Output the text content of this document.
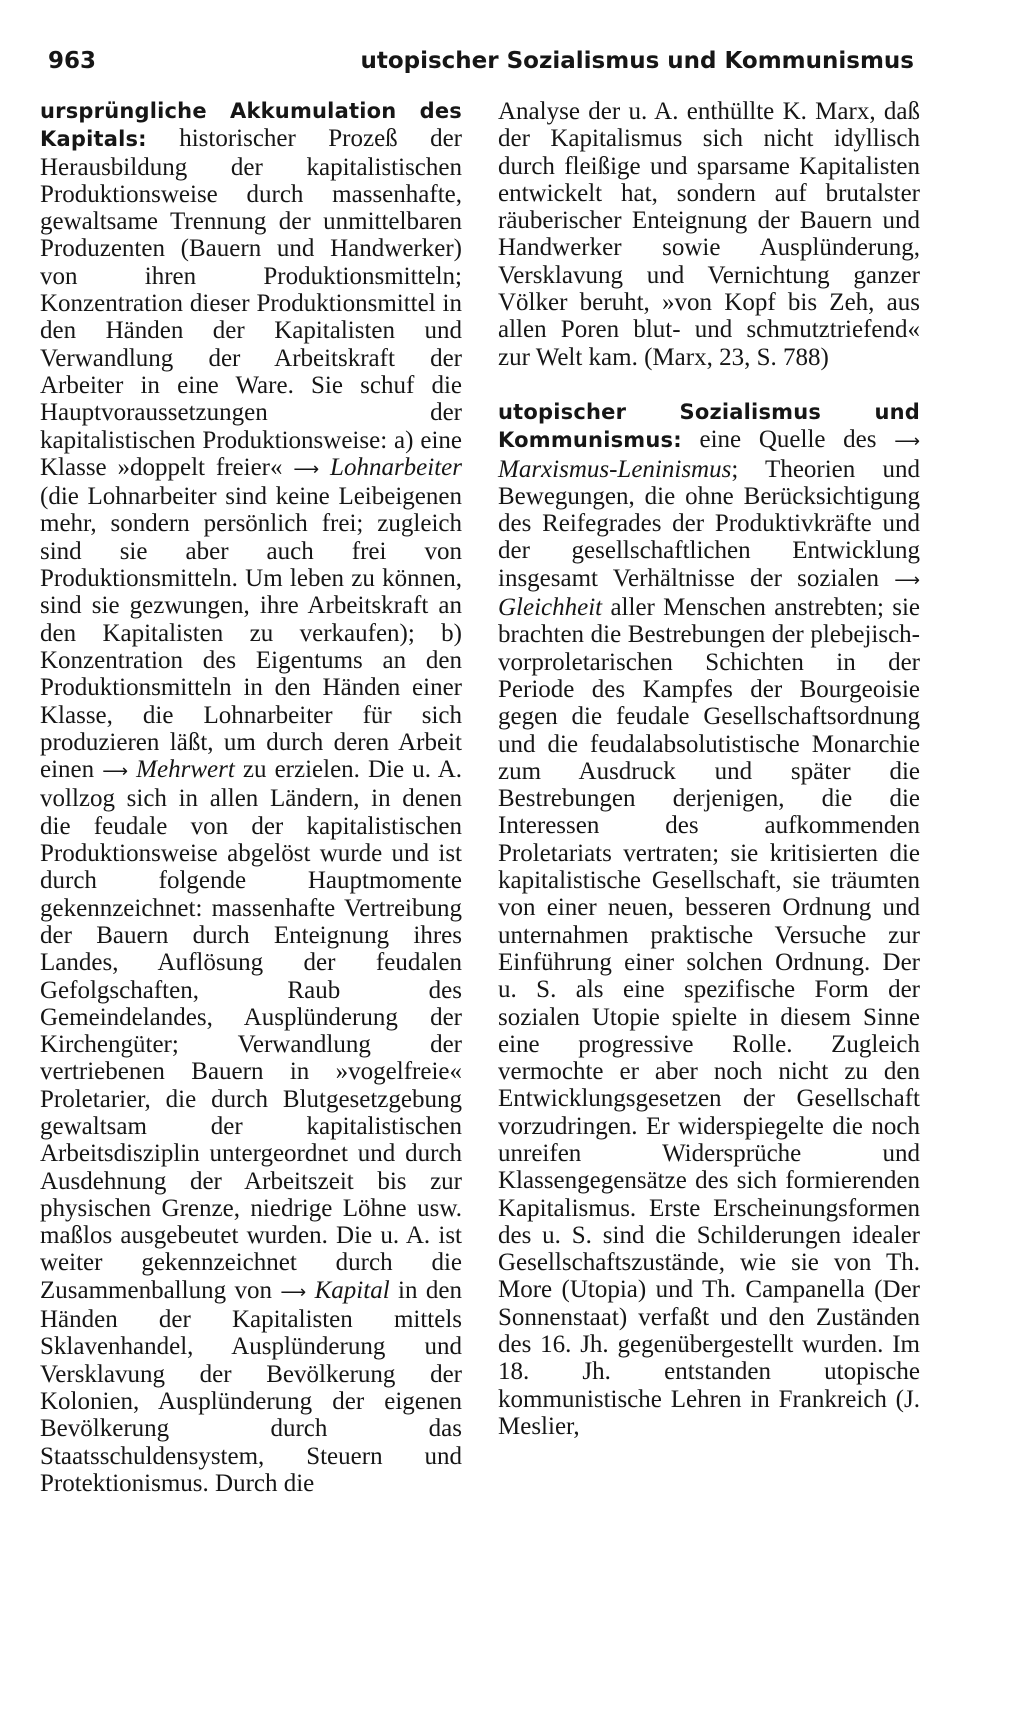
963	utopischer Sozialismus und Kommunismus

ursprüngliche Akkumulation des Kapitals: historischer Prozeß der Herausbildung der kapitalistischen Produktionsweise durch massenhafte, gewaltsame Trennung der unmittelbaren Produzenten (Bauern und Handwerker) von ihren Produktionsmitteln; Konzentration dieser Produktionsmittel in den Händen der Kapitalisten und Verwandlung der Arbeitskraft der Arbeiter in eine Ware. Sie schuf die Hauptvoraussetzungen der kapitalistischen Produktionsweise: a) eine Klasse »doppelt freier« ⟶ Lohnarbeiter (die Lohnarbeiter sind keine Leibeigenen mehr, sondern persönlich frei; zugleich sind sie aber auch frei von Produktionsmitteln. Um leben zu können, sind sie gezwungen, ihre Arbeitskraft an den Kapitalisten zu verkaufen); b) Konzentration des Eigentums an den Produktionsmitteln in den Händen einer Klasse, die Lohnarbeiter für sich produzieren läßt, um durch deren Arbeit einen ⟶ Mehrwert zu erzielen. Die u. A. vollzog sich in allen Ländern, in denen die feudale von der kapitalistischen Produktionsweise abgelöst wurde und ist durch folgende Hauptmomente gekennzeichnet: massenhafte Vertreibung der Bauern durch Enteignung ihres Landes, Auflösung der feudalen Gefolgschaften, Raub des Gemeindelandes, Ausplünderung der Kirchengüter; Verwandlung der vertriebenen Bauern in »vogelfreie« Proletarier, die durch Blutgesetzgebung gewaltsam der kapitalistischen Arbeitsdisziplin untergeordnet und durch Ausdehnung der Arbeitszeit bis zur physischen Grenze, niedrige Löhne usw. maßlos ausgebeutet wurden. Die u. A. ist weiter gekennzeichnet durch die Zusammenballung von ⟶ Kapital in den Händen der Kapitalisten mittels Sklavenhandel, Ausplünderung und Versklavung der Bevölkerung der Kolonien, Ausplünderung der eigenen Bevölkerung durch das Staatsschuldensystem, Steuern und Protektionismus. Durch die

Analyse der u. A. enthüllte K. Marx, daß der Kapitalismus sich nicht idyllisch durch fleißige und sparsame Kapitalisten entwickelt hat, sondern auf brutalster räuberischer Enteignung der Bauern und Handwerker sowie Ausplünderung, Versklavung und Vernichtung ganzer Völker beruht, »von Kopf bis Zeh, aus allen Poren blut- und schmutztriefend« zur Welt kam. (Marx, 23, S. 788)

utopischer Sozialismus und Kommunismus: eine Quelle des ⟶ Marxismus-Leninismus; Theorien und Bewegungen, die ohne Berücksichtigung des Reifegrades der Produktivkräfte und der gesellschaftlichen Entwicklung insgesamt Verhältnisse der sozialen ⟶ Gleichheit aller Menschen anstrebten; sie brachten die Bestrebungen der plebejisch-vorproletarischen Schichten in der Periode des Kampfes der Bourgeoisie gegen die feudale Gesellschaftsordnung und die feudalabsolutistische Monarchie zum Ausdruck und später die Bestrebungen derjenigen, die die Interessen des aufkommenden Proletariats vertraten; sie kritisierten die kapitalistische Gesellschaft, sie träumten von einer neuen, besseren Ordnung und unternahmen praktische Versuche zur Einführung einer solchen Ordnung. Der u. S. als eine spezifische Form der sozialen Utopie spielte in diesem Sinne eine progressive Rolle. Zugleich vermochte er aber noch nicht zu den Entwicklungsgesetzen der Gesellschaft vorzudringen. Er widerspiegelte die noch unreifen Widersprüche und Klassengegensätze des sich formierenden Kapitalismus. Erste Erscheinungsformen des u. S. sind die Schilderungen idealer Gesellschaftszustände, wie sie von Th. More (Utopia) und Th. Campanella (Der Sonnenstaat) verfaßt und den Zuständen des 16. Jh. gegenübergestellt wurden. Im 18. Jh. entstanden utopische kommunistische Lehren in Frankreich (J. Meslier,
